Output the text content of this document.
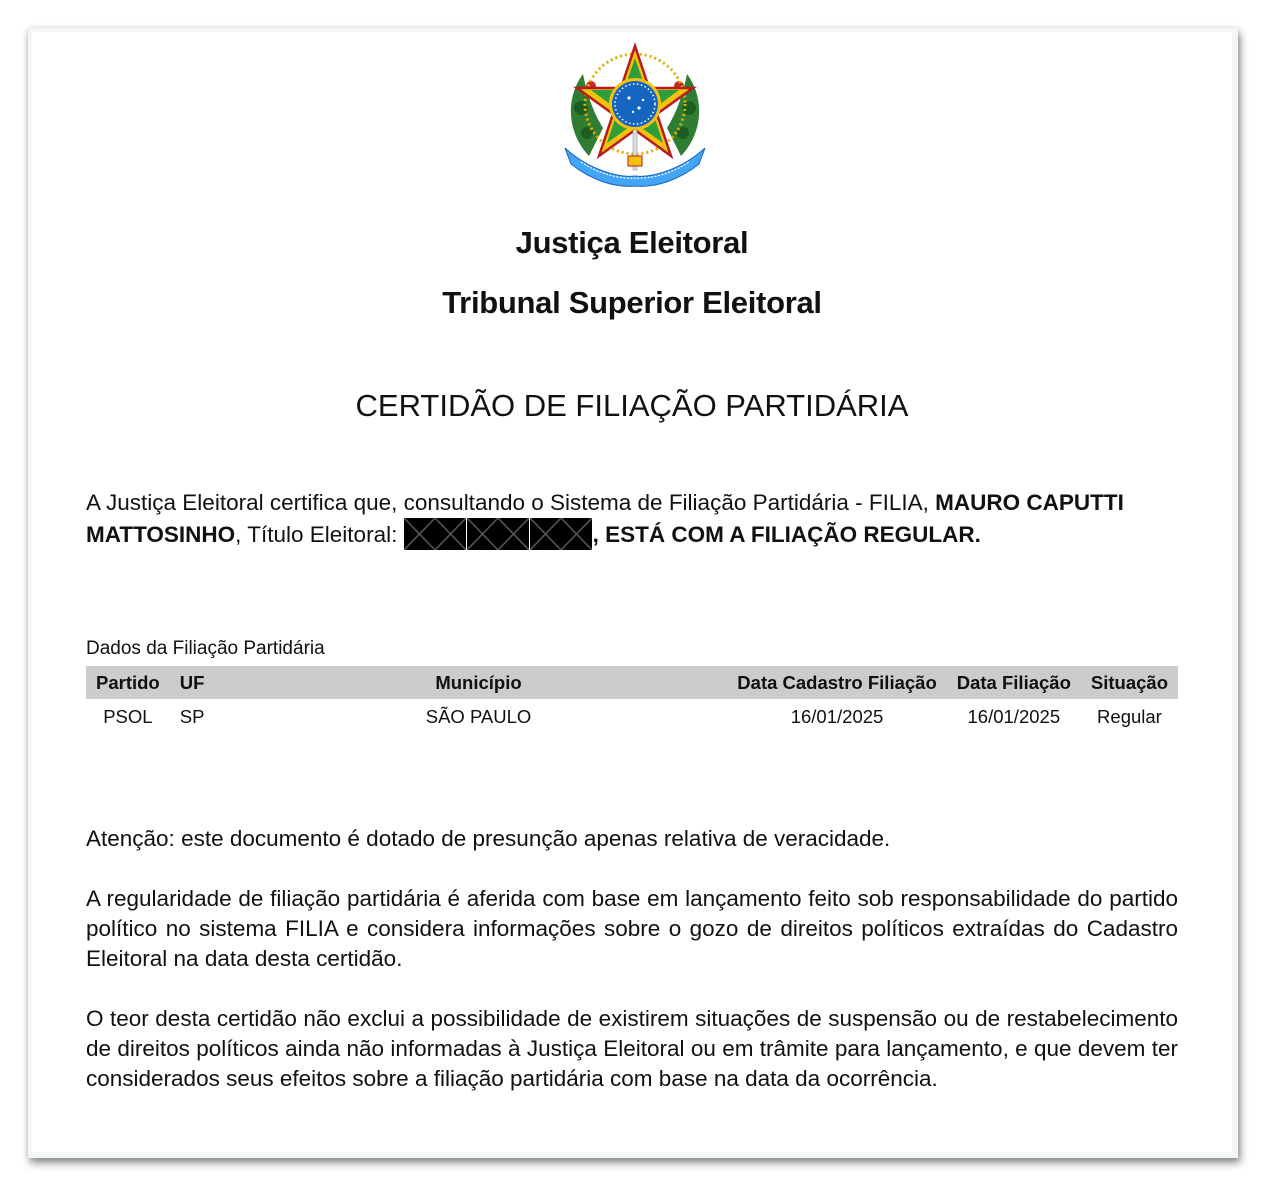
Justiça Eleitoral
Tribunal Superior Eleitoral
CERTIDÃO DE FILIAÇÃO PARTIDÁRIA
A Justiça Eleitoral certifica que, consultando o Sistema de Filiação Partidária - FILIA, MAURO CAPUTTI MATTOSINHO, Título Eleitoral:	, ESTÁ COM A FILIAÇÃO REGULAR.
Dados da Filiação Partidária
Partido	UF	Município	Data Cadastro Filiação	Data Filiação	Situação
PSOL	SP	SÃO PAULO	16/01/2025	16/01/2025	Regular

Atenção: este documento é dotado de presunção apenas relativa de veracidade.

A regularidade de filiação partidária é aferida com base em lançamento feito sob responsabilidade do partido político no sistema FILIA e considera informações sobre o gozo de direitos políticos extraídas do Cadastro Eleitoral na data desta certidão.

O teor desta certidão não exclui a possibilidade de existirem situações de suspensão ou de restabelecimento de direitos políticos ainda não informadas à Justiça Eleitoral ou em trâmite para lançamento, e que devem ter considerados seus efeitos sobre a filiação partidária com base na data da ocorrência.
